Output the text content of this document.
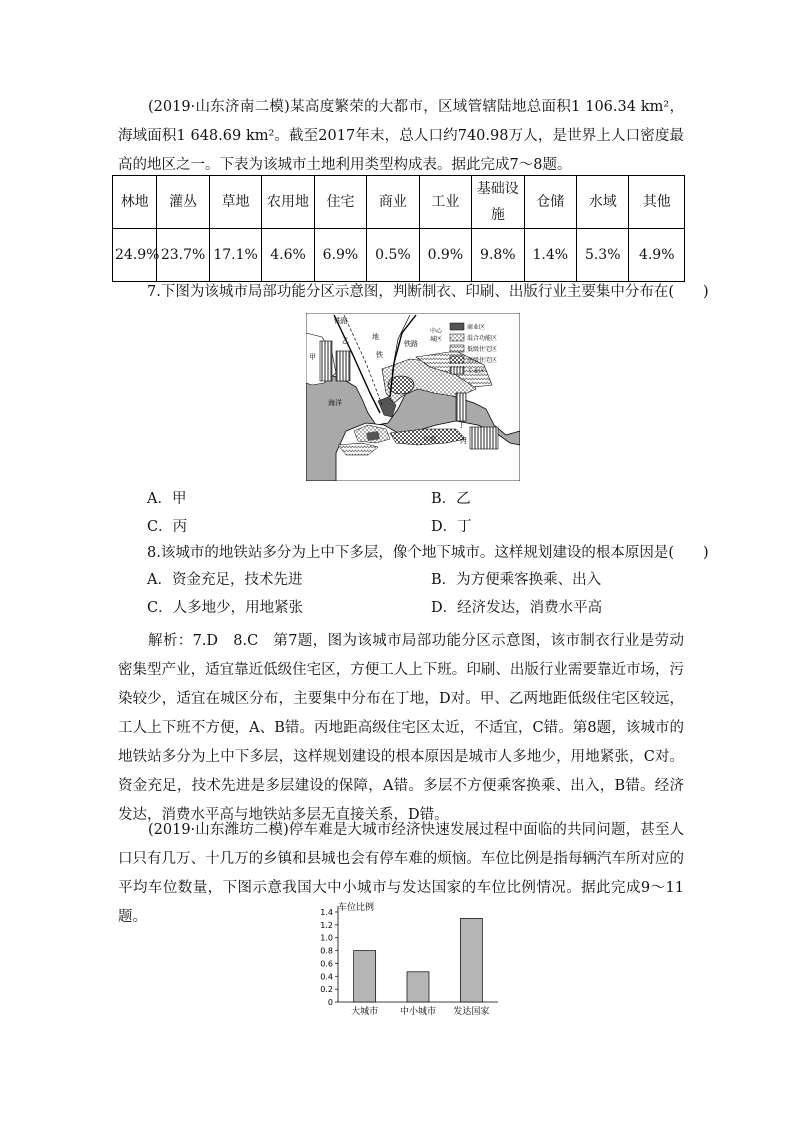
(2019·山东济南二模)某高度繁荣的大都市，区域管辖陆地总面积1 106.34 km²，海域面积1 648.69 km²。截至2017年末，总人口约740.98万人，是世界上人口密度最高的地区之一。下表为该城市土地利用类型构成表。据此完成7～8题。
林地	灌丛	草地	农用地	住宅	商业	工业	基础设施	仓储	水域	其他
24.9%	23.7%	17.1%	4.6%	6.9%	0.5%	0.9%	9.8%	1.4%	5.3%	4.9%
7.下图为该城市局部功能分区示意图，判断制衣、印刷、出版行业主要集中分布在(　　)
铁路
铁路
地
铁
中心
城区
海洋
甲
乙
丙
丁
山顶
商业区
混合功能区
低级住宅区
高级住宅区
工业区
A．甲	B．乙
C．丙	D．丁
8.该城市的地铁站多分为上中下多层，像个地下城市。这样规划建设的根本原因是(　　)
A．资金充足，技术先进	B．为方便乘客换乘、出入
C．人多地少，用地紧张	D．经济发达，消费水平高
解析：7.D　8.C　第7题，图为该城市局部功能分区示意图，该市制衣行业是劳动密集型产业，适宜靠近低级住宅区，方便工人上下班。印刷、出版行业需要靠近市场，污染较少，适宜在城区分布，主要集中分布在丁地，D对。甲、乙两地距低级住宅区较远，工人上下班不方便，A、B错。丙地距高级住宅区太近，不适宜，C错。第8题，该城市的地铁站多分为上中下多层，这样规划建设的根本原因是城市人多地少，用地紧张，C对。资金充足，技术先进是多层建设的保障，A错。多层不方便乘客换乘、出入，B错。经济发达，消费水平高与地铁站多层无直接关系，D错。
(2019·山东潍坊二模)停车难是大城市经济快速发展过程中面临的共同问题，甚至人口只有几万、十几万的乡镇和县城也会有停车难的烦恼。车位比例是指每辆汽车所对应的平均车位数量，下图示意我国大中小城市与发达国家的车位比例情况。据此完成9～11题。
车位比例
0
0.2
0.4
0.6
0.8
1.0
1.2
1.4
大城市 中小城市 发达国家
